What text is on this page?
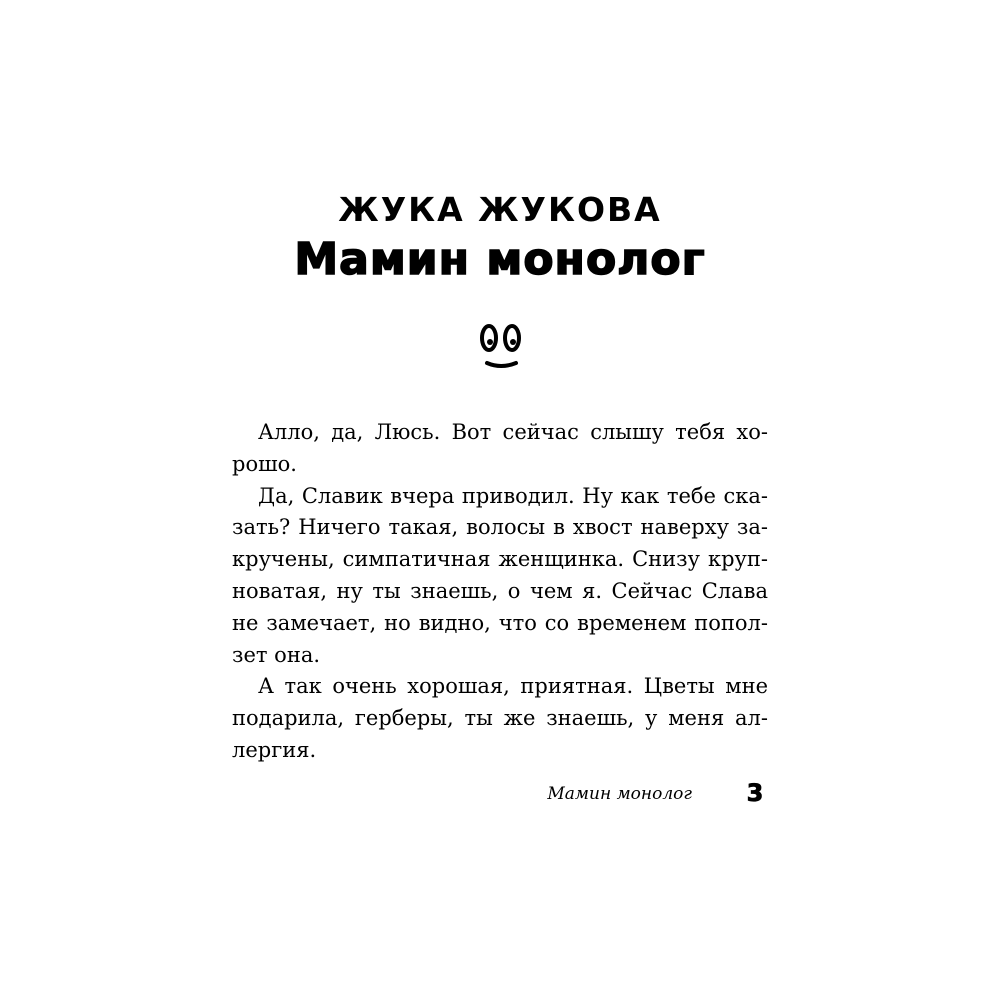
ЖУКА ЖУКОВА
Мамин монолог
Алло, да, Люсь. Вот сейчас слышу тебя хо-
рошо.
Да, Славик вчера приводил. Ну как тебе ска-
зать? Ничего такая, волосы в хвост наверху за-
кручены, симпатичная женщинка. Снизу круп-
новатая, ну ты знаешь, о чем я. Сейчас Слава
не замечает, но видно, что со временем попол-
зет она.
А так очень хорошая, приятная. Цветы мне
подарила, герберы, ты же знаешь, у меня ал-
лергия.
Мамин монолог 3
